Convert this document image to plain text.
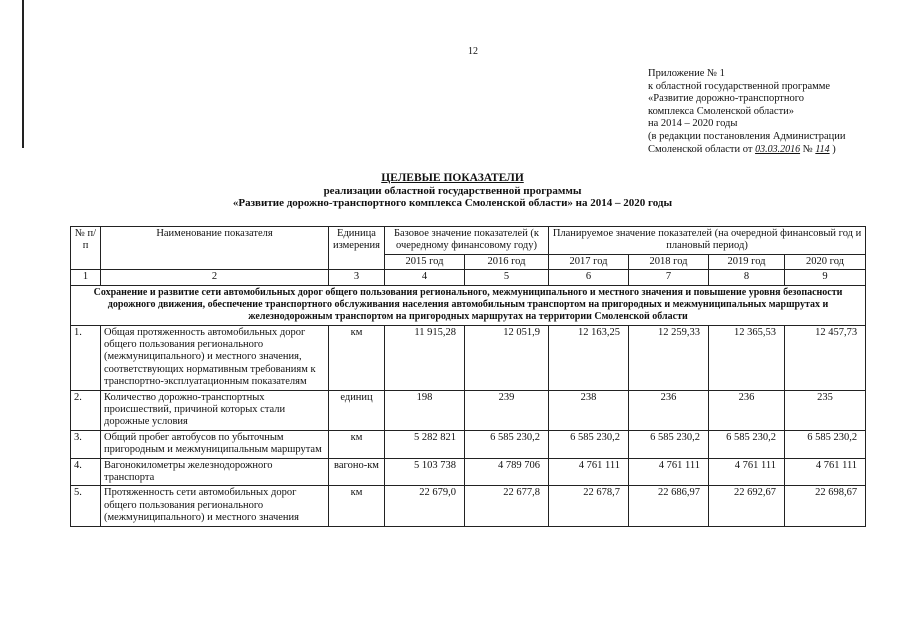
12
Приложение № 1
к областной государственной программе
«Развитие дорожно-транспортного
комплекса Смоленской области»
на 2014 – 2020 годы
(в редакции постановления Администрации
Смоленской области от 03.03.2016 № 114 )
ЦЕЛЕВЫЕ ПОКАЗАТЕЛИ
реализации областной государственной программы
«Развитие дорожно-транспортного комплекса Смоленской области» на 2014 – 2020 годы
№ п/п	Наименование показателя	Единица измерения	Базовое значение показателей (к очередному финансовому году)		Планируемое значение показателей (на очередной финансовый год и плановый период)			
			2015 год	2016 год	2017 год	2018 год	2019 год	2020 год
1	2	3	4	5	6	7	8	9
Сохранение и развитие сети автомобильных дорог общего пользования регионального, межмуниципального и местного значения и повышение уровня безопасности дорожного движения, обеспечение транспортного обслуживания населения автомобильным транспортом на пригородных и межмуниципальных маршрутах и железнодорожным транспортом на пригородных маршрутах на территории Смоленской области								
1.	Общая протяженность автомобильных дорог общего пользования регионального (межмуниципального) и местного значения, соответствующих нормативным требованиям к транспортно-эксплуатационным показателям	км	11 915,28	12 051,9	12 163,25	12 259,33	12 365,53	12 457,73
2.	Количество дорожно-транспортных происшествий, причиной которых стали дорожные условия	единиц	198	239	238	236	236	235
3.	Общий пробег автобусов по убыточным пригородным и межмуниципальным маршрутам	км	5 282 821	6 585 230,2	6 585 230,2	6 585 230,2	6 585 230,2	6 585 230,2
4.	Вагонокилометры железнодорожного транспорта	вагоно-км	5 103 738	4 789 706	4 761 111	4 761 111	4 761 111	4 761 111
5.	Протяженность сети автомобильных дорог общего пользования регионального (межмуниципального) и местного значения	км	22 679,0	22 677,8	22 678,7	22 686,97	22 692,67	22 698,67
